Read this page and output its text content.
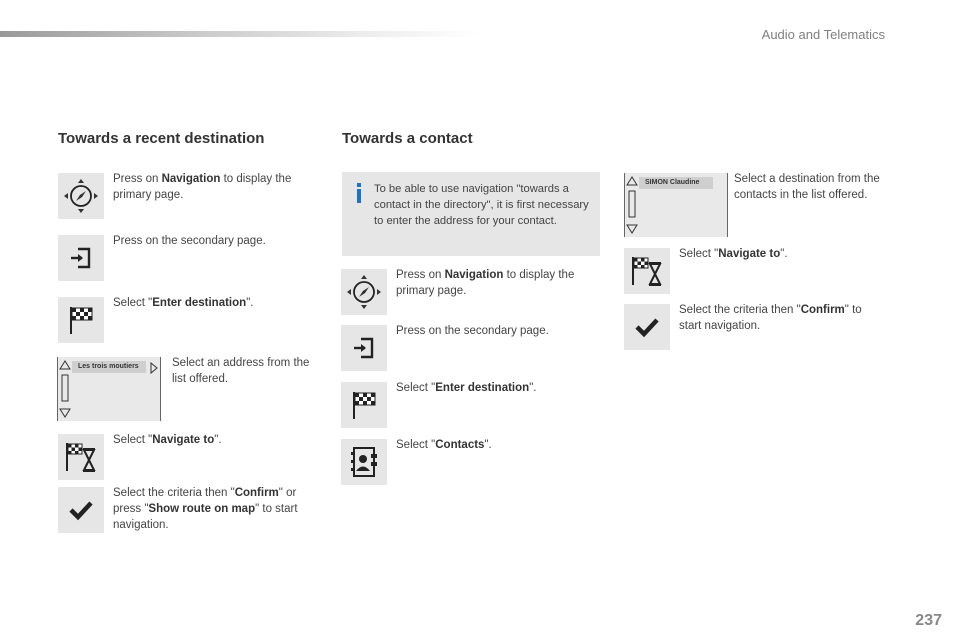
Audio and Telematics
Towards a recent destination
Press on Navigation to display the primary page.
Press on the secondary page.
Select "Enter destination".
Les trois moutiers	Select an address from the list offered.
Select "Navigate to".
Select the criteria then "Confirm" or press "Show route on map" to start navigation.
Towards a contact
To be able to use navigation "towards a contact in the directory", it is first necessary to enter the address for your contact.
Press on Navigation to display the primary page.
Press on the secondary page.
Select "Enter destination".
Select "Contacts".
SIMON Claudine	Select a destination from the contacts in the list offered.
Select "Navigate to".
Select the criteria then "Confirm" to start navigation.
237
